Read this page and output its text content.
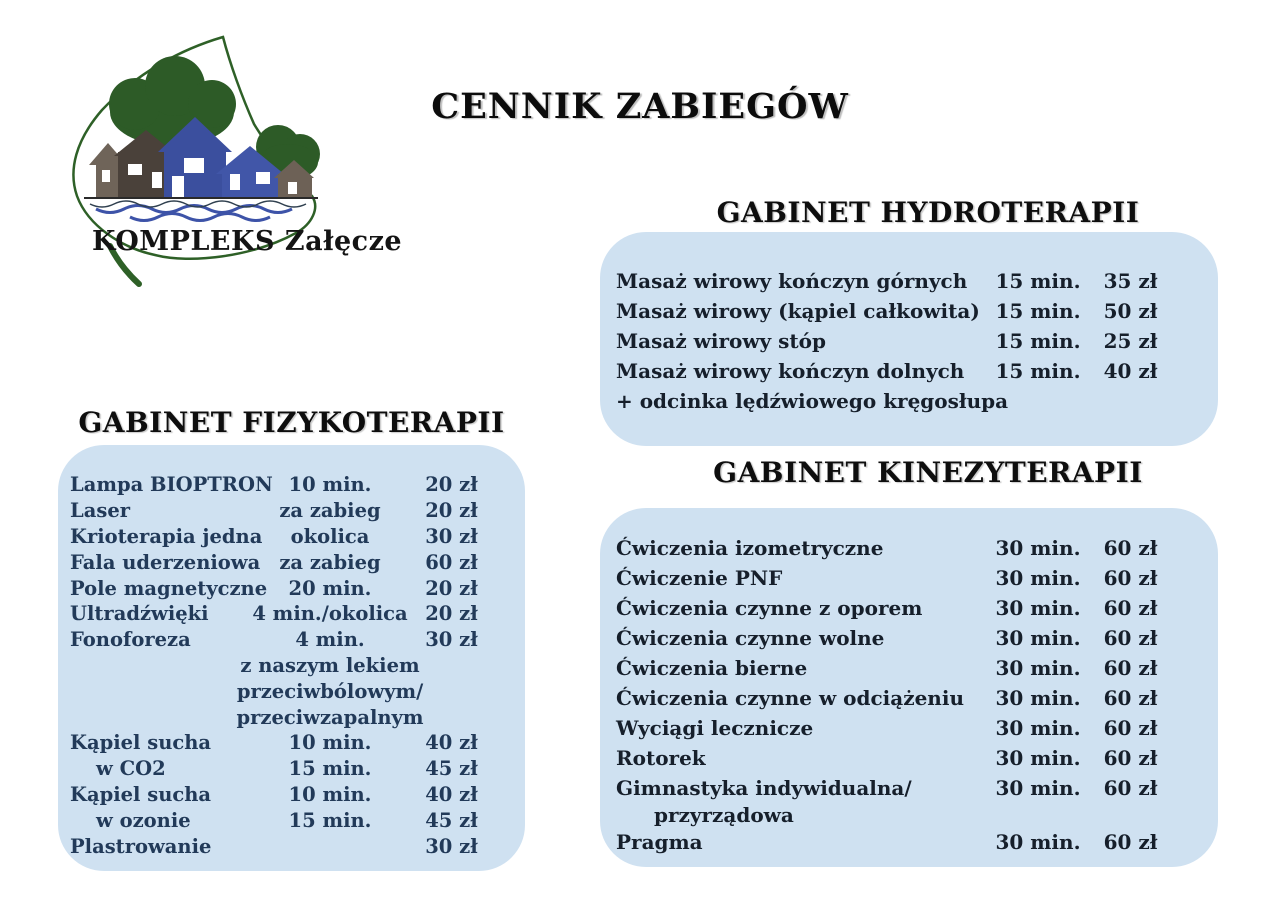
KOMPLEKS Załęcze
CENNIK ZABIEGÓW
GABINET HYDROTERAPII
GABINET FIZYKOTERAPII
GABINET KINEZYTERAPII
Masaż wirowy kończyn górnych	15 min.	35 zł
Masaż wirowy (kąpiel całkowita) 15 min.	50 zł
Masaż wirowy stóp	15 min.	25 zł
Masaż wirowy kończyn dolnych	15 min.	40 zł
+ odcinka lędźwiowego kręgosłupa
Lampa BIOPTRON 10 min.	20 zł
Laser	za zabieg	20 zł
Krioterapia jedna	okolica	30 zł
Fala uderzeniowa za zabieg	60 zł
Pole magnetyczne	20 min.	20 zł
Ultradźwięki	4 min./okolica 20 zł
Fonoforeza	4 min.	30 zł
z naszym lekiem
przeciwbólowym/
przeciwzapalnym
Kąpiel sucha	10 min.	40 zł
w CO2	15 min.	45 zł
Kąpiel sucha	10 min.	40 zł
w ozonie	15 min.	45 zł
Plastrowanie	30 zł
Ćwiczenia izometryczne	30 min.	60 zł
Ćwiczenie PNF	30 min.	60 zł
Ćwiczenia czynne z oporem	30 min.	60 zł
Ćwiczenia czynne wolne	30 min.	60 zł
Ćwiczenia bierne	30 min.	60 zł
Ćwiczenia czynne w odciążeniu	30 min.	60 zł
Wyciągi lecznicze	30 min.	60 zł
Rotorek	30 min.	60 zł
Gimnastyka indywidualna/	30 min.	60 zł
przyrządowa
Pragma	30 min.	60 zł
